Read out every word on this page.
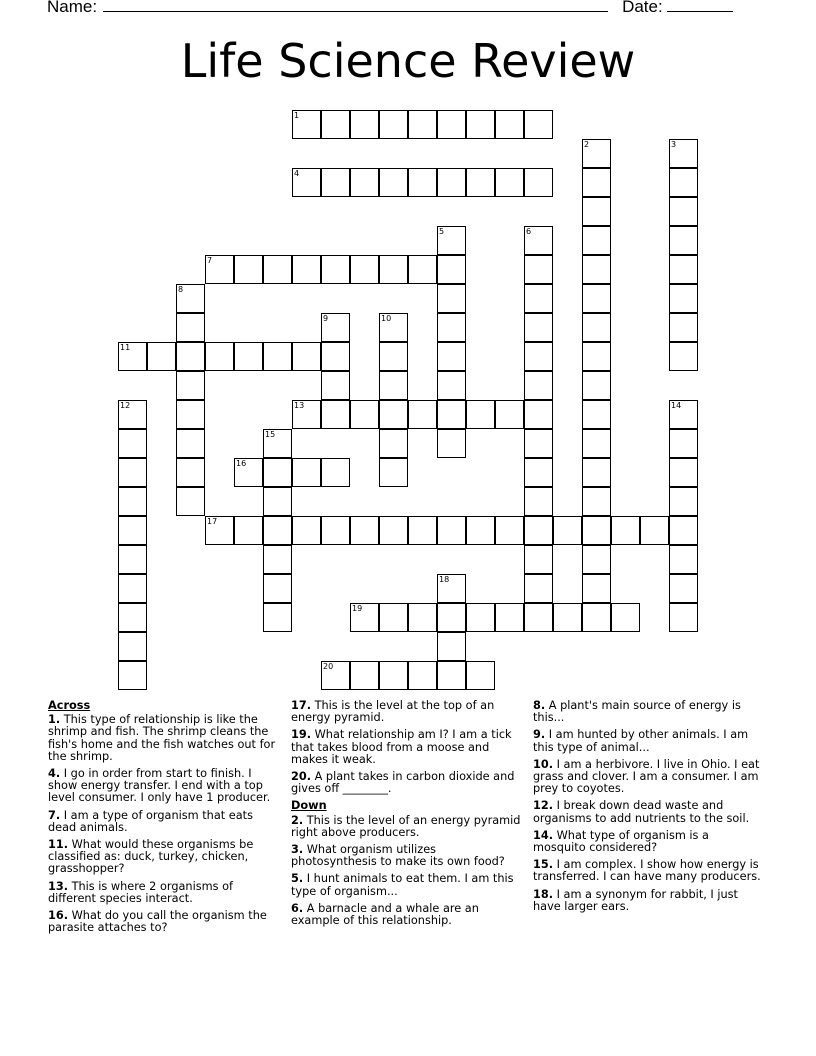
Name:	Date:
Life Science Review
1
2	3
4
5	6
7
8
9	10
11
12	13	14
15
16
17
18
19
20
Across
1. This type of relationship is like the shrimp and fish. The shrimp cleans the fish's home and the fish watches out for the shrimp.
4. I go in order from start to finish. I show energy transfer. I end with a top level consumer. I only have 1 producer.
7. I am a type of organism that eats dead animals.
11. What would these organisms be classified as: duck, turkey, chicken, grasshopper?
13. This is where 2 organisms of different species interact.
16. What do you call the organism the parasite attaches to?
17. This is the level at the top of an energy pyramid.
19. What relationship am I? I am a tick that takes blood from a moose and makes it weak.
20. A plant takes in carbon dioxide and gives off ________.
Down
2. This is the level of an energy pyramid right above producers.
3. What organism utilizes photosynthesis to make its own food?
5. I hunt animals to eat them. I am this type of organism...
6. A barnacle and a whale are an example of this relationship.
8. A plant's main source of energy is this...
9. I am hunted by other animals. I am this type of animal...
10. I am a herbivore. I live in Ohio. I eat grass and clover. I am a consumer. I am prey to coyotes.
12. I break down dead waste and organisms to add nutrients to the soil.
14. What type of organism is a mosquito considered?
15. I am complex. I show how energy is transferred. I can have many producers.
18. I am a synonym for rabbit, I just have larger ears.
